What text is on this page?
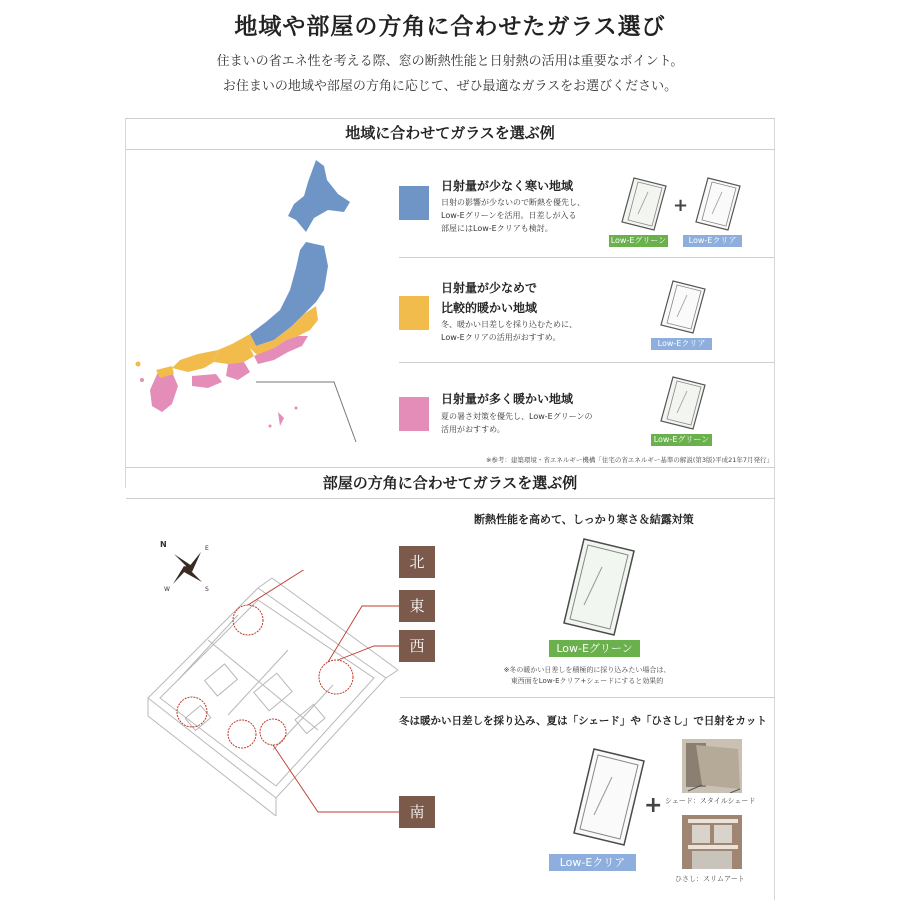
地域や部屋の方角に合わせたガラス選び
住まいの省エネ性を考える際、窓の断熱性能と日射熱の活用は重要なポイント。
お住まいの地域や部屋の方角に応じて、ぜひ最適なガラスをお選びください。
地域に合わせてガラスを選ぶ例
日射量が少なく寒い地域
日射の影響が少ないので断熱を優先し、
Low-Eグリーンを活用。日差しが入る
部屋にはLow-Eクリアも検討。
+
Low-Eグリーン	Low-Eクリア
日射量が少なめで
比較的暖かい地域
冬、暖かい日差しを採り込むために、
Low-Eクリアの活用がおすすめ。
Low-Eクリア
日射量が多く暖かい地域
夏の暑さ対策を優先し、Low-Eグリーンの
活用がおすすめ。
Low-Eグリーン
※参考：建築環境・省エネルギー機構「住宅の省エネルギー基準の解説(第3版)平成21年7月発行」
部屋の方角に合わせてガラスを選ぶ例
N	E
W	S
北
東
西
南
断熱性能を高めて、しっかり寒さ＆結露対策
Low-Eグリーン
※冬の暖かい日差しを積極的に採り込みたい場合は、
東西面をLow-Eクリア+シェードにすると効果的
冬は暖かい日差しを採り込み、夏は「シェード」や「ひさし」で日射をカット
Low-Eクリア
+ シェード：スタイルシェード
ひさし：スリムアート
